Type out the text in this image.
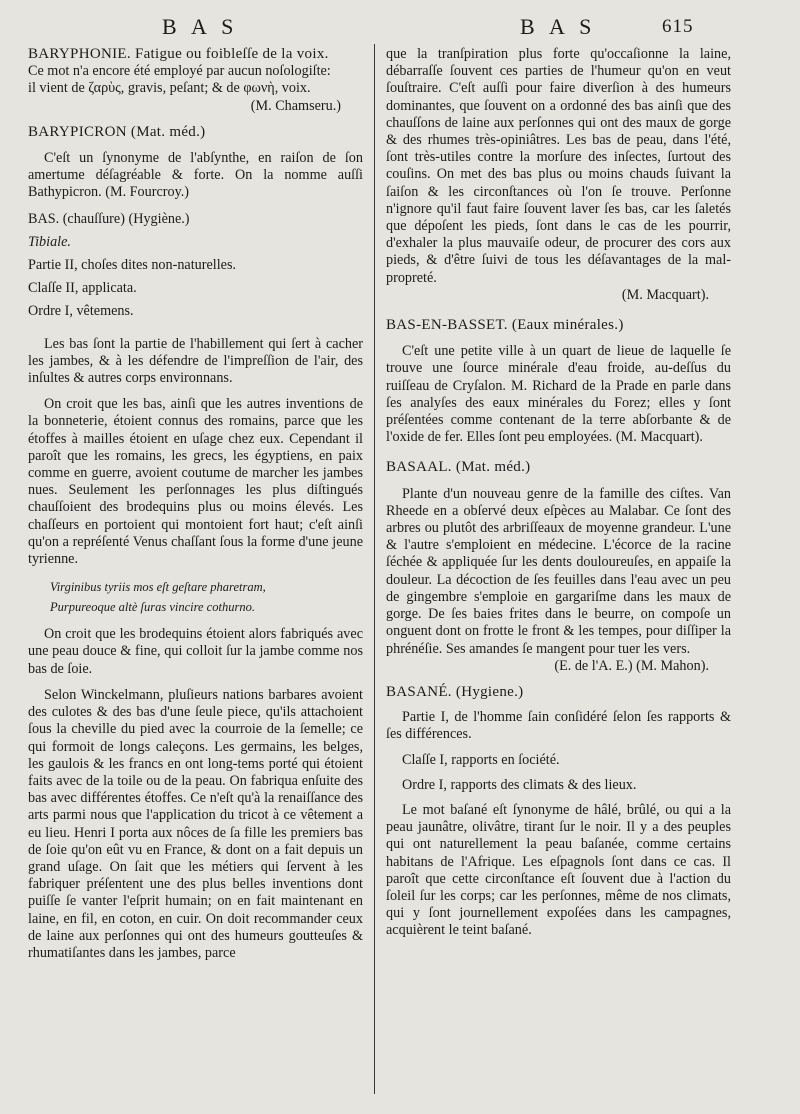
B A S	B A S	615

BARYPHONIE. Fatigue ou foibleſſe de la voix.

Ce mot n'a encore été employé par aucun noſologiſte:

il vient de ζαρὺς, gravis, peſant; & de φωνὴ, voix.

(M. Chamseru.)

BARYPICRON (Mat. méd.)

C'eſt un ſynonyme de l'abſynthe, en raiſon de ſon amertume déſagréable & forte. On la nomme auſſi Bathypicron. (M. Fourcroy.)

BAS. (chauſſure) (Hygiène.)

Tibiale.

Partie II, choſes dites non-naturelles.

Claſſe II, applicata.

Ordre I, vêtemens.

Les bas ſont la partie de l'habillement qui ſert à cacher les jambes, & à les défendre de l'impreſſion de l'air, des inſultes & autres corps environnans.

On croit que les bas, ainſi que les autres inventions de la bonneterie, étoient connus des romains, parce que les étoffes à mailles étoient en uſage chez eux. Cependant il paroît que les romains, les grecs, les égyptiens, en paix comme en guerre, avoient coutume de marcher les jambes nues. Seulement les perſonnages les plus diſtingués chauſſoient des brodequins plus ou moins élevés. Les chaſſeurs en portoient qui montoient fort haut; c'eſt ainſi qu'on a repréſenté Venus chaſſant ſous la forme d'une jeune tyrienne.

Virginibus tyriis mos eſt geſtare pharetram,

Purpureoque altè ſuras vincire cothurno.

On croit que les brodequins étoient alors fabriqués avec une peau douce & fine, qui colloit ſur la jambe comme nos bas de ſoie.

Selon Winckelmann, pluſieurs nations barbares avoient des culotes & des bas d'une ſeule piece, qu'ils attachoient ſous la cheville du pied avec la courroie de la ſemelle; ce qui formoit de longs caleçons. Les germains, les belges, les gaulois & les francs en ont long-tems porté qui étoient faits avec de la toile ou de la peau. On fabriqua enſuite des bas avec différentes étoffes. Ce n'eſt qu'à la renaiſſance des arts parmi nous que l'application du tricot à ce vêtement a eu lieu. Henri I porta aux nôces de ſa fille les premiers bas de ſoie qu'on eût vu en France, & dont on a fait depuis un grand uſage. On ſait que les métiers qui ſervent à les fabriquer préſentent une des plus belles inventions dont puiſſe ſe vanter l'eſprit humain; on en fait maintenant en laine, en fil, en coton, en cuir. On doit recommander ceux de laine aux perſonnes qui ont des humeurs goutteuſes & rhumatiſantes dans les jambes, parce

que la tranſpiration plus forte qu'occaſionne la laine, débarraſſe ſouvent ces parties de l'humeur qu'on en veut ſouſtraire. C'eſt auſſi pour faire diverſion à des humeurs dominantes, que ſouvent on a ordonné des bas ainſi que des chauſſons de laine aux perſonnes qui ont des maux de gorge & des rhumes très-opiniâtres. Les bas de peau, dans l'été, ſont très-utiles contre la morſure des inſectes, ſurtout des couſins. On met des bas plus ou moins chauds ſuivant la ſaiſon & les circonſtances où l'on ſe trouve. Perſonne n'ignore qu'il faut faire ſouvent laver ſes bas, car les ſaletés que dépoſent les pieds, ſont dans le cas de les pourrir, d'exhaler la plus mauvaiſe odeur, de procurer des cors aux pieds, & d'être ſuivi de tous les déſavantages de la mal-propreté.

(M. Macquart).

BAS-EN-BASSET. (Eaux minérales.)

C'eſt une petite ville à un quart de lieue de laquelle ſe trouve une ſource minérale d'eau froide, au-deſſus du ruiſſeau de Cryſalon. M. Richard de la Prade en parle dans ſes analyſes des eaux minérales du Forez; elles y ſont préſentées comme contenant de la terre abſorbante & de l'oxide de fer. Elles ſont peu employées. (M. Macquart).

BASAAL. (Mat. méd.)

Plante d'un nouveau genre de la famille des ciſtes. Van Rheede en a obſervé deux eſpèces au Malabar. Ce ſont des arbres ou plutôt des arbriſſeaux de moyenne grandeur. L'une & l'autre s'emploient en médecine. L'écorce de la racine ſéchée & appliquée ſur les dents douloureuſes, en appaiſe la douleur. La décoction de ſes feuilles dans l'eau avec un peu de gingembre s'emploie en gargariſme dans les maux de gorge. De ſes baies frites dans le beurre, on compoſe un onguent dont on frotte le front & les tempes, pour diſſiper la phrénéſie. Ses amandes ſe mangent pour tuer les vers.

(E. de l'A. E.) (M. Mahon).

BASANÉ. (Hygiene.)

Partie I, de l'homme ſain conſidéré ſelon ſes rapports & ſes différences.

Claſſe I, rapports en ſociété.

Ordre I, rapports des climats & des lieux.

Le mot baſané eſt ſynonyme de hâlé, brûlé, ou qui a la peau jaunâtre, olivâtre, tirant ſur le noir. Il y a des peuples qui ont naturellement la peau baſanée, comme certains habitans de l'Afrique. Les eſpagnols ſont dans ce cas. Il paroît que cette circonſtance eſt ſouvent due à l'action du ſoleil ſur les corps; car les perſonnes, même de nos climats, qui y ſont journellement expoſées dans les campagnes, acquièrent le teint baſané.
